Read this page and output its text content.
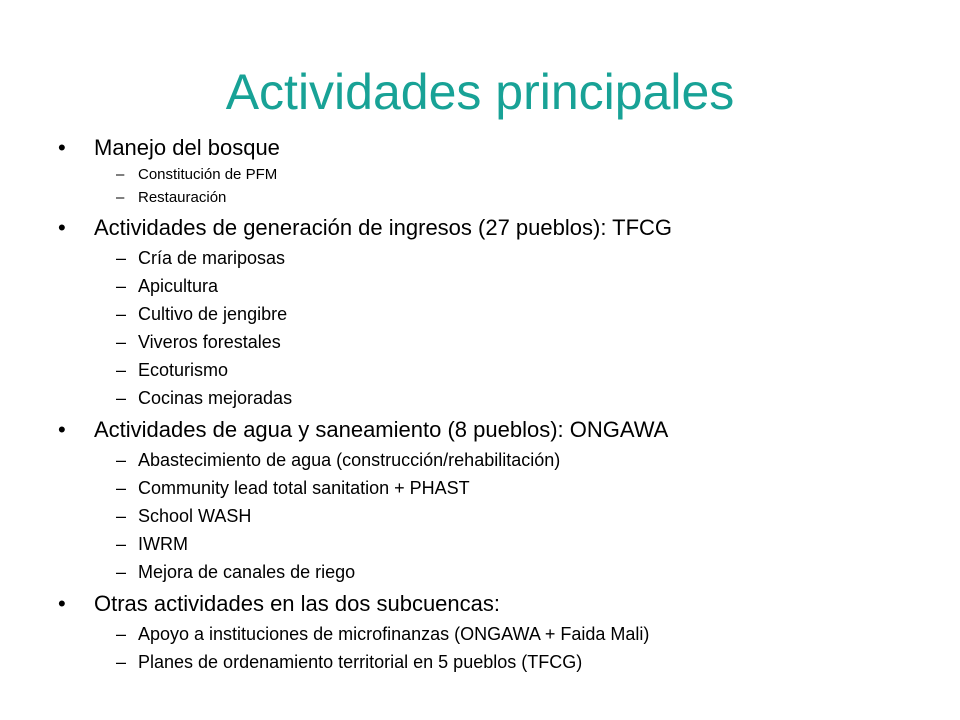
Actividades principales
•	Manejo del bosque
– Constitución de PFM
– Restauración
•	Actividades de generación de ingresos (27 pueblos): TFCG
– Cría de mariposas
– Apicultura
– Cultivo de jengibre
– Viveros forestales
– Ecoturismo
– Cocinas mejoradas
•	Actividades de agua y saneamiento (8 pueblos): ONGAWA
– Abastecimiento de agua (construcción/rehabilitación)
– Community lead total sanitation + PHAST
– School WASH
– IWRM
– Mejora de canales de riego
•	Otras actividades en las dos subcuencas:
– Apoyo a instituciones de microfinanzas (ONGAWA + Faida Mali)
– Planes de ordenamiento territorial en 5 pueblos (TFCG)
